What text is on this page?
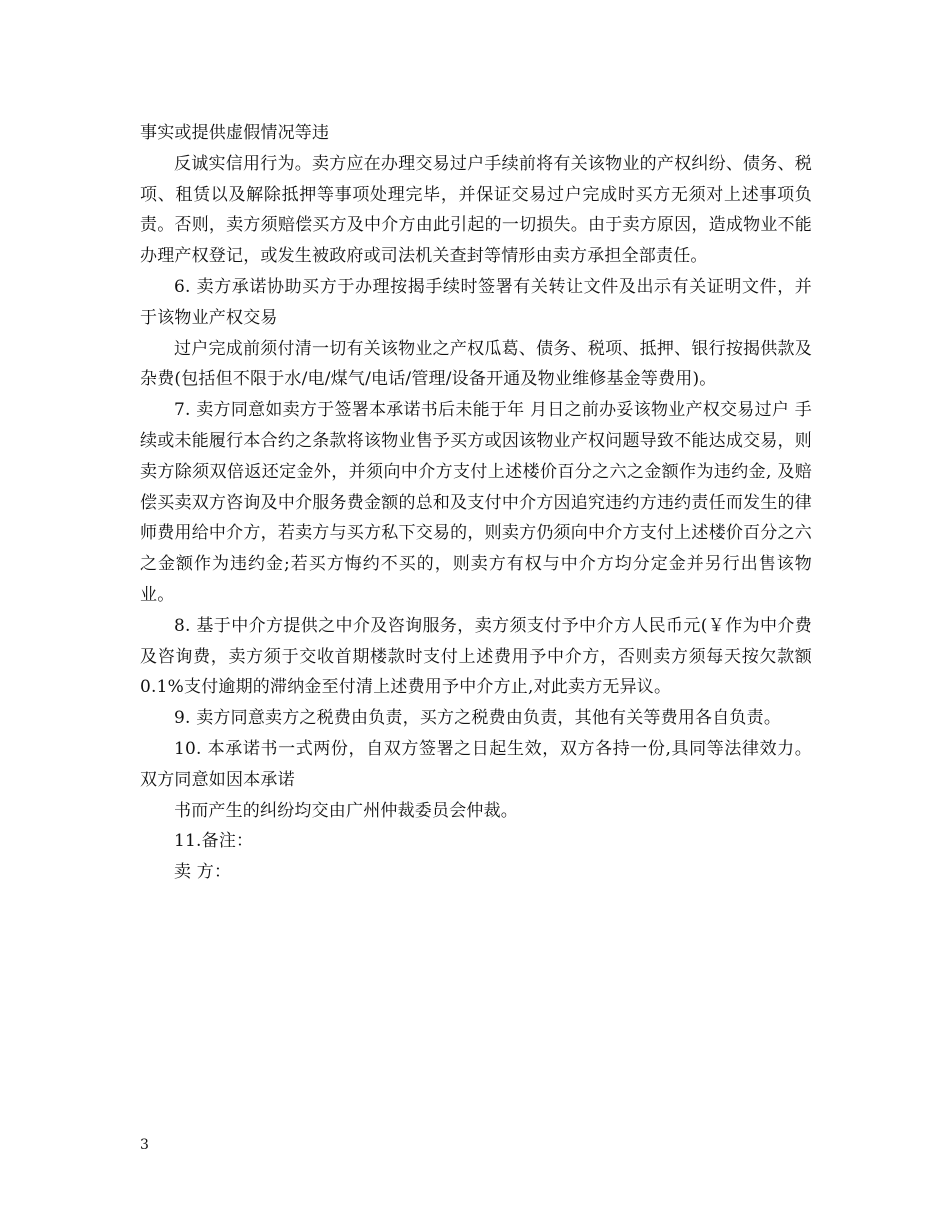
事实或提供虚假情况等违

反诚实信用行为。卖方应在办理交易过户手续前将有关该物业的产权纠纷、债务、税项、租赁以及解除抵押等事项处理完毕，并保证交易过户完成时买方无须对上述事项负责。否则，卖方须赔偿买方及中介方由此引起的一切损失。由于卖方原因，造成物业不能办理产权登记，或发生被政府或司法机关查封等情形由卖方承担全部责任。

6. 卖方承诺协助买方于办理按揭手续时签署有关转让文件及出示有关证明文件，并于该物业产权交易

过户完成前须付清一切有关该物业之产权瓜葛、债务、税项、抵押、银行按揭供款及杂费(包括但不限于水/电/煤气/电话/管理/设备开通及物业维修基金等费用)。

7. 卖方同意如卖方于签署本承诺书后未能于年 月日之前办妥该物业产权交易过户 手续或未能履行本合约之条款将该物业售予买方或因该物业产权问题导致不能达成交易，则卖方除须双倍返还定金外，并须向中介方支付上述楼价百分之六之金额作为违约金, 及赔偿买卖双方咨询及中介服务费金额的总和及支付中介方因追究违约方违约责任而发生的律师费用给中介方，若卖方与买方私下交易的，则卖方仍须向中介方支付上述楼价百分之六之金额作为违约金;若买方悔约不买的，则卖方有权与中介方均分定金并另行出售该物业。

8. 基于中介方提供之中介及咨询服务，卖方须支付予中介方人民币元(￥作为中介费及咨询费，卖方须于交收首期楼款时支付上述费用予中介方，否则卖方须每天按欠款额0.1%支付逾期的滞纳金至付清上述费用予中介方止,对此卖方无异议。

9. 卖方同意卖方之税费由负责，买方之税费由负责，其他有关等费用各自负责。

10. 本承诺书一式两份，自双方签署之日起生效，双方各持一份,具同等法律效力。双方同意如因本承诺

书而产生的纠纷均交由广州仲裁委员会仲裁。

11.备注：

卖 方：

3
